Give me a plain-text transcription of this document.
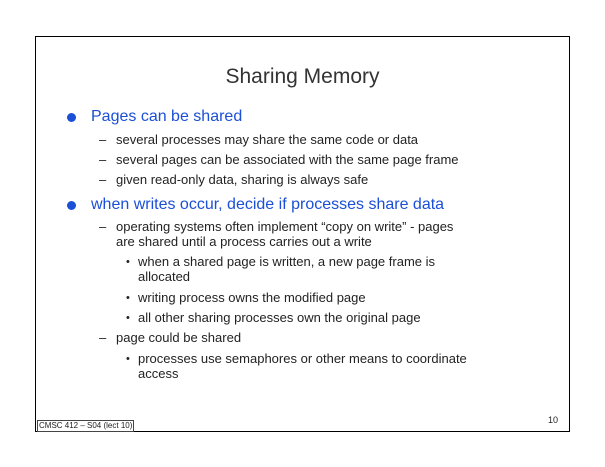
Sharing Memory
Pages can be shared
– several processes may share the same code or data
– several pages can be associated with the same page frame
– given read-only data, sharing is always safe
when writes occur, decide if processes share data
– operating systems often implement “copy on write” - pages
are shared until a process carries out a write
• when a shared page is written, a new page frame is
allocated
• writing process owns the modified page
• all other sharing processes own the original page
– page could be shared
• processes use semaphores or other means to coordinate
access
CMSC 412 – S04 (lect 10)
10
